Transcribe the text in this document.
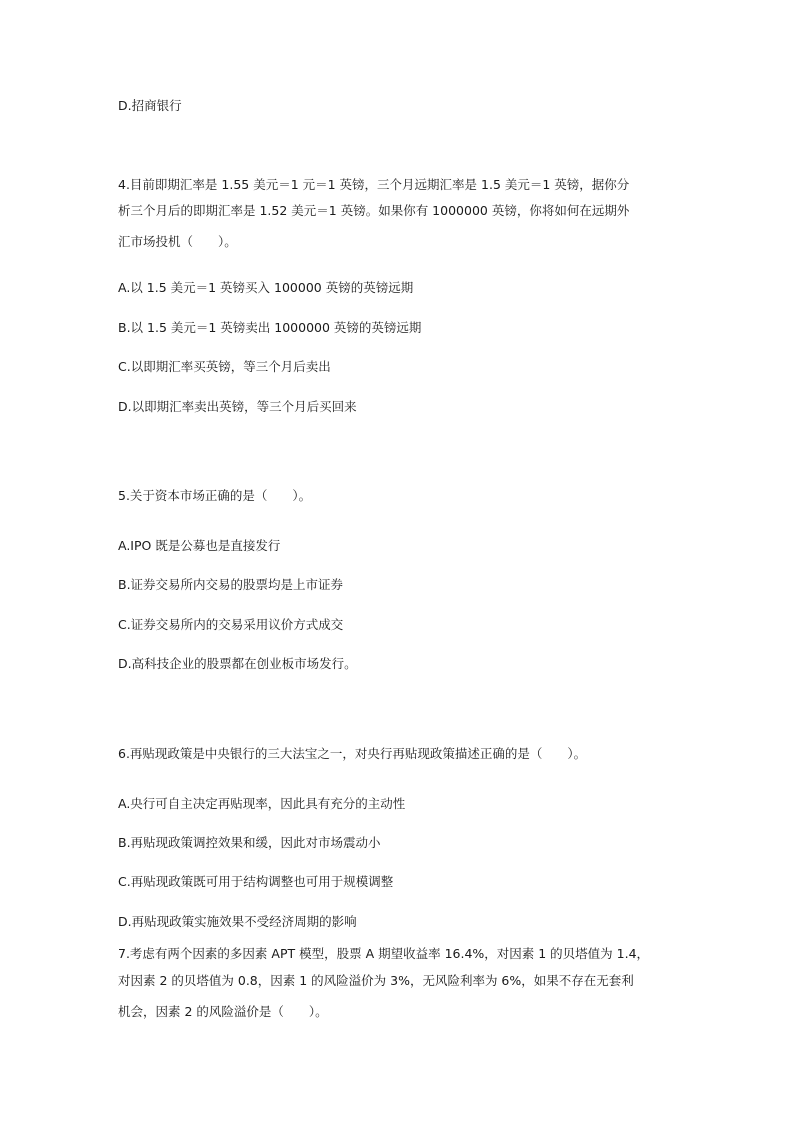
D.招商银行
4.目前即期汇率是 1.55 美元＝1 元＝1 英镑，三个月远期汇率是 1.5 美元＝1 英镑，据你分
析三个月后的即期汇率是 1.52 美元＝1 英镑。如果你有 1000000 英镑，你将如何在远期外
汇市场投机（　　）。
A.以 1.5 美元＝1 英镑买入 100000 英镑的英镑远期
B.以 1.5 美元＝1 英镑卖出 1000000 英镑的英镑远期
C.以即期汇率买英镑，等三个月后卖出
D.以即期汇率卖出英镑，等三个月后买回来
5.关于资本市场正确的是（　　）。
A.IPO 既是公募也是直接发行
B.证券交易所内交易的股票均是上市证券
C.证券交易所内的交易采用议价方式成交
D.高科技企业的股票都在创业板市场发行。
6.再贴现政策是中央银行的三大法宝之一，对央行再贴现政策描述正确的是（　　）。
A.央行可自主决定再贴现率，因此具有充分的主动性
B.再贴现政策调控效果和缓，因此对市场震动小
C.再贴现政策既可用于结构调整也可用于规模调整
D.再贴现政策实施效果不受经济周期的影响
7.考虑有两个因素的多因素 APT 模型，股票 A 期望收益率 16.4%，对因素 1 的贝塔值为 1.4，
对因素 2 的贝塔值为 0.8，因素 1 的风险溢价为 3%，无风险利率为 6%，如果不存在无套利
机会，因素 2 的风险溢价是（　　）。
